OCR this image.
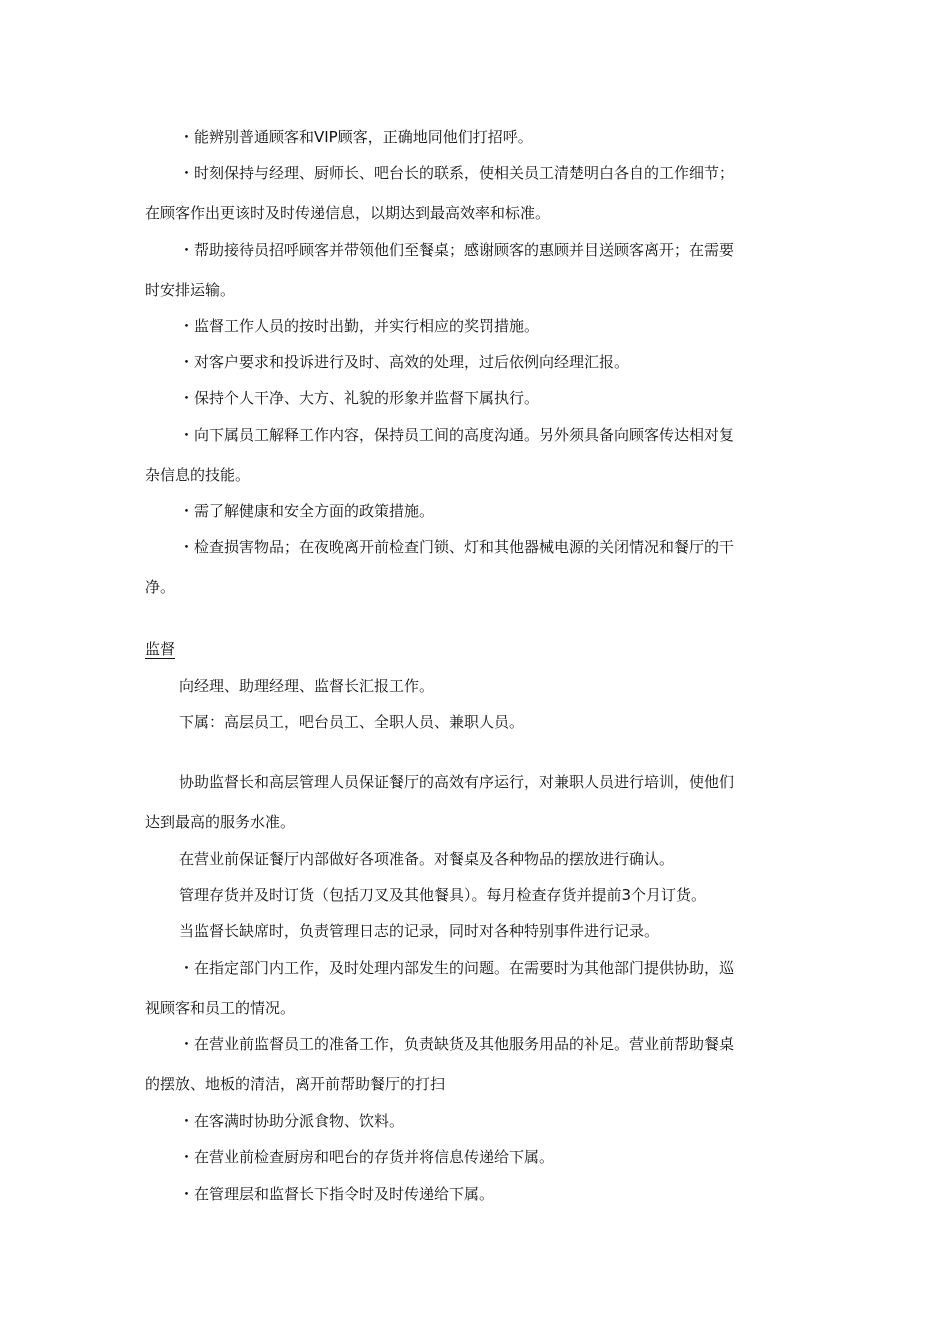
・能辨别普通顾客和VIP顾客，正确地同他们打招呼。

・时刻保持与经理、厨师长、吧台长的联系，使相关员工清楚明白各自的工作细节；

在顾客作出更该时及时传递信息，以期达到最高效率和标准。

・帮助接待员招呼顾客并带领他们至餐桌；感谢顾客的惠顾并目送顾客离开；在需要

时安排运输。

・监督工作人员的按时出勤，并实行相应的奖罚措施。

・对客户要求和投诉进行及时、高效的处理，过后依例向经理汇报。

・保持个人干净、大方、礼貌的形象并监督下属执行。

・向下属员工解释工作内容，保持员工间的高度沟通。另外须具备向顾客传达相对复

杂信息的技能。

・需了解健康和安全方面的政策措施。

・检查损害物品；在夜晚离开前检查门锁、灯和其他器械电源的关闭情况和餐厅的干

净。

监督

向经理、助理经理、监督长汇报工作。

下属：高层员工，吧台员工、全职人员、兼职人员。

协助监督长和高层管理人员保证餐厅的高效有序运行，对兼职人员进行培训，使他们

达到最高的服务水准。

在营业前保证餐厅内部做好各项准备。对餐桌及各种物品的摆放进行确认。

管理存货并及时订货（包括刀叉及其他餐具）。每月检查存货并提前3个月订货。

当监督长缺席时，负责管理日志的记录，同时对各种特别事件进行记录。

・在指定部门内工作，及时处理内部发生的问题。在需要时为其他部门提供协助，巡

视顾客和员工的情况。

・在营业前监督员工的准备工作，负责缺货及其他服务用品的补足。营业前帮助餐桌

的摆放、地板的清洁，离开前帮助餐厅的打扫

・在客满时协助分派食物、饮料。

・在营业前检查厨房和吧台的存货并将信息传递给下属。

・在管理层和监督长下指令时及时传递给下属。
